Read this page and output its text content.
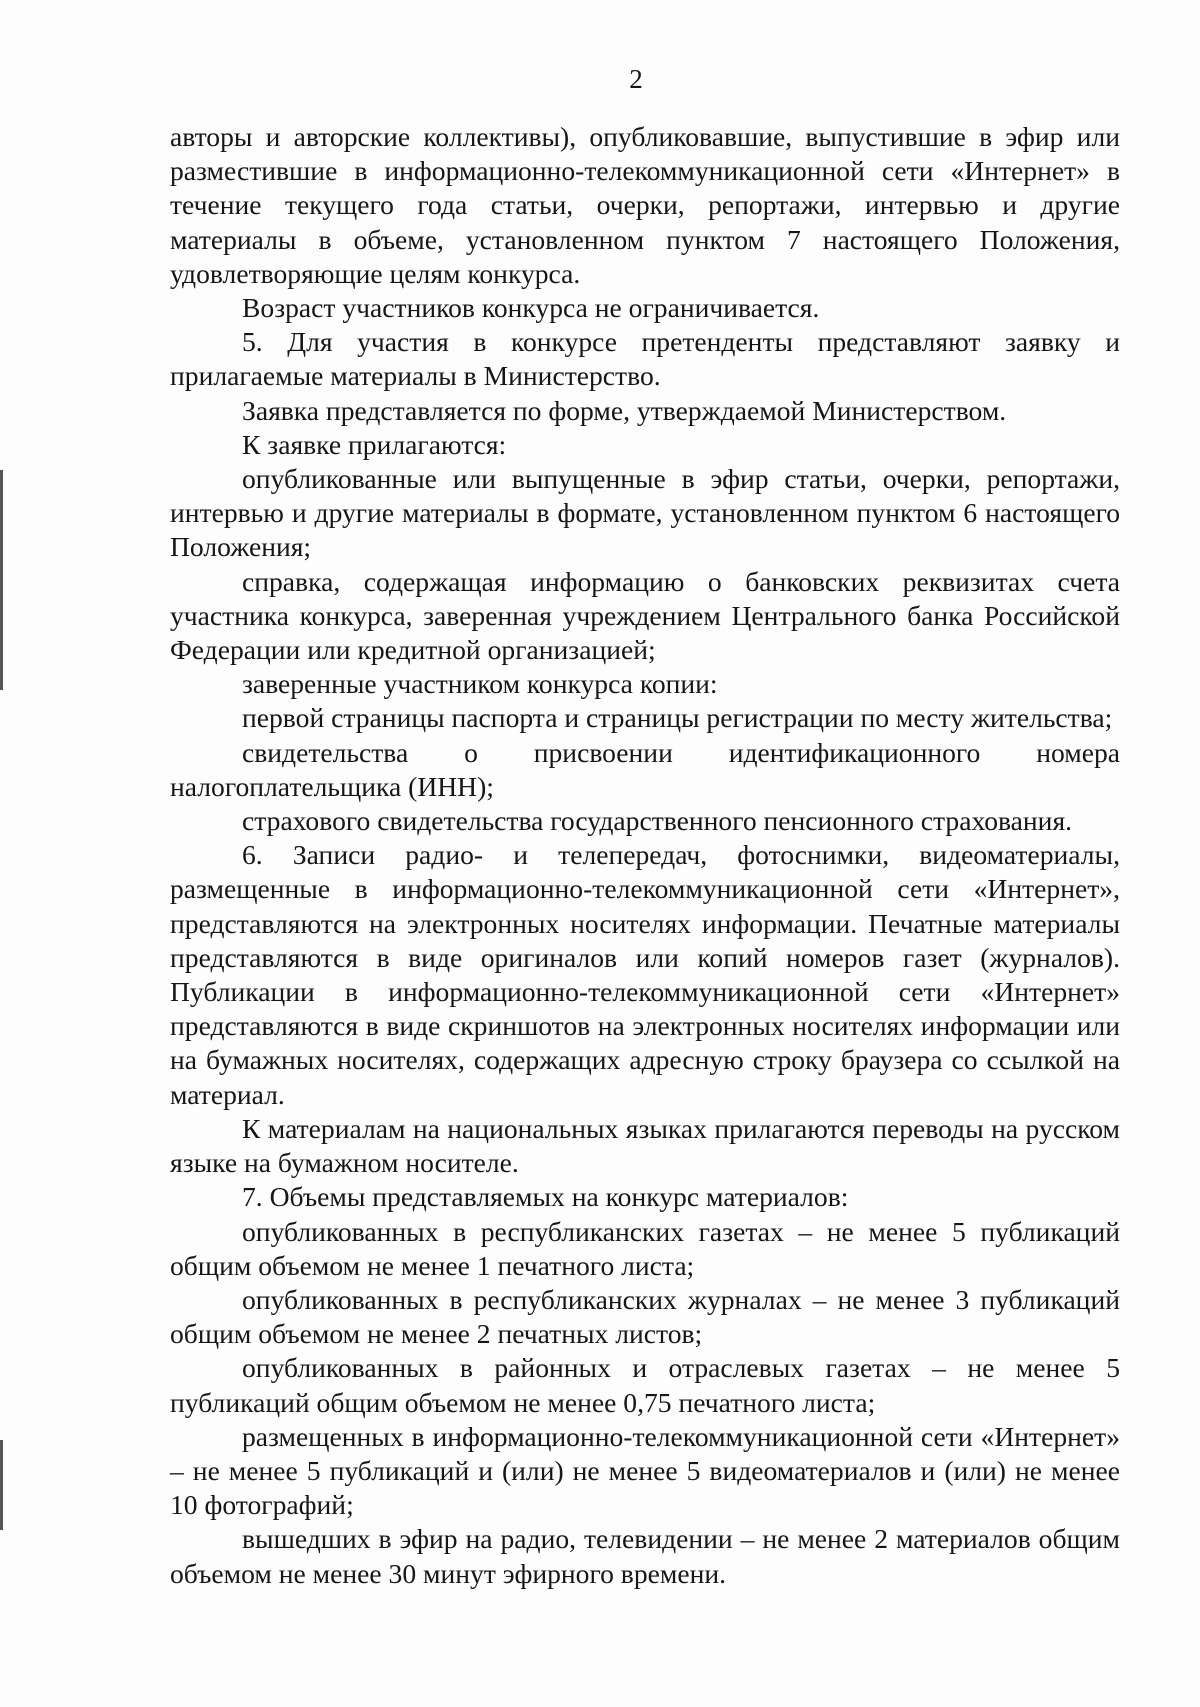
2

авторы и авторские коллективы), опубликовавшие, выпустившие в эфир или разместившие в информационно-телекоммуникационной сети «Интернет» в течение текущего года статьи, очерки, репортажи, интервью и другие материалы в объеме, установленном пунктом 7 настоящего Положения, удовлетворяющие целям конкурса.

Возраст участников конкурса не ограничивается.

5. Для участия в конкурсе претенденты представляют заявку и прилагаемые материалы в Министерство.

Заявка представляется по форме, утверждаемой Министерством.

К заявке прилагаются:

опубликованные или выпущенные в эфир статьи, очерки, репортажи, интервью и другие материалы в формате, установленном пунктом 6 настоящего Положения;

справка, содержащая информацию о банковских реквизитах счета участника конкурса, заверенная учреждением Центрального банка Российской Федерации или кредитной организацией;

заверенные участником конкурса копии:

первой страницы паспорта и страницы регистрации по месту жительства;

свидетельства о присвоении идентификационного номера налогоплательщика (ИНН);

страхового свидетельства государственного пенсионного страхования.

6. Записи радио- и телепередач, фотоснимки, видеоматериалы, размещенные в информационно-телекоммуникационной сети «Интернет», представляются на электронных носителях информации. Печатные материалы представляются в виде оригиналов или копий номеров газет (журналов). Публикации в информационно-телекоммуникационной сети «Интернет» представляются в виде скриншотов на электронных носителях информации или на бумажных носителях, содержащих адресную строку браузера со ссылкой на материал.

К материалам на национальных языках прилагаются переводы на русском языке на бумажном носителе.

7. Объемы представляемых на конкурс материалов:

опубликованных в республиканских газетах – не менее 5 публикаций общим объемом не менее 1 печатного листа;

опубликованных в республиканских журналах – не менее 3 публикаций общим объемом не менее 2 печатных листов;

опубликованных в районных и отраслевых газетах – не менее 5 публикаций общим объемом не менее 0,75 печатного листа;

размещенных в информационно-телекоммуникационной сети «Интернет» – не менее 5 публикаций и (или) не менее 5 видеоматериалов и (или) не менее 10 фотографий;

вышедших в эфир на радио, телевидении – не менее 2 материалов общим объемом не менее 30 минут эфирного времени.
